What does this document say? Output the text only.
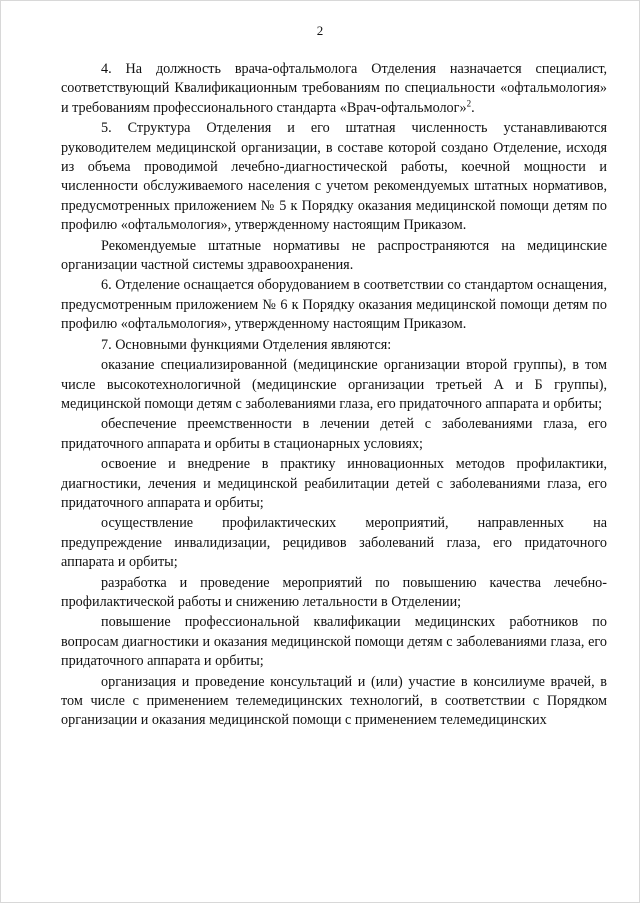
2

4. На должность врача-офтальмолога Отделения назначается специалист, соответствующий Квалификационным требованиям по специальности «офтальмология» и требованиям профессионального стандарта «Врач-офтальмолог»$^2$.

5. Структура Отделения и его штатная численность устанавливаются руководителем медицинской организации, в составе которой создано Отделение, исходя из объема проводимой лечебно-диагностической работы, коечной мощности и численности обслуживаемого населения с учетом рекомендуемых штатных нормативов, предусмотренных приложением № 5 к Порядку оказания медицинской помощи детям по профилю «офтальмология», утвержденному настоящим Приказом.

Рекомендуемые штатные нормативы не распространяются на медицинские организации частной системы здравоохранения.

6. Отделение оснащается оборудованием в соответствии со стандартом оснащения, предусмотренным приложением № 6 к Порядку оказания медицинской помощи детям по профилю «офтальмология», утвержденному настоящим Приказом.

7. Основными функциями Отделения являются:

оказание специализированной (медицинские организации второй группы), в том числе высокотехнологичной (медицинские организации третьей А и Б группы), медицинской помощи детям с заболеваниями глаза, его придаточного аппарата и орбиты;

обеспечение преемственности в лечении детей с заболеваниями глаза, его придаточного аппарата и орбиты в стационарных условиях;

освоение и внедрение в практику инновационных методов профилактики, диагностики, лечения и медицинской реабилитации детей с заболеваниями глаза, его придаточного аппарата и орбиты;

осуществление профилактических мероприятий, направленных на предупреждение инвалидизации, рецидивов заболеваний глаза, его придаточного аппарата и орбиты;

разработка и проведение мероприятий по повышению качества лечебно-профилактической работы и снижению летальности в Отделении;

повышение профессиональной квалификации медицинских работников по вопросам диагностики и оказания медицинской помощи детям с заболеваниями глаза, его придаточного аппарата и орбиты;

организация и проведение консультаций и (или) участие в консилиуме врачей, в том числе с применением телемедицинских технологий, в соответствии с Порядком организации и оказания медицинской помощи с применением телемедицинских
